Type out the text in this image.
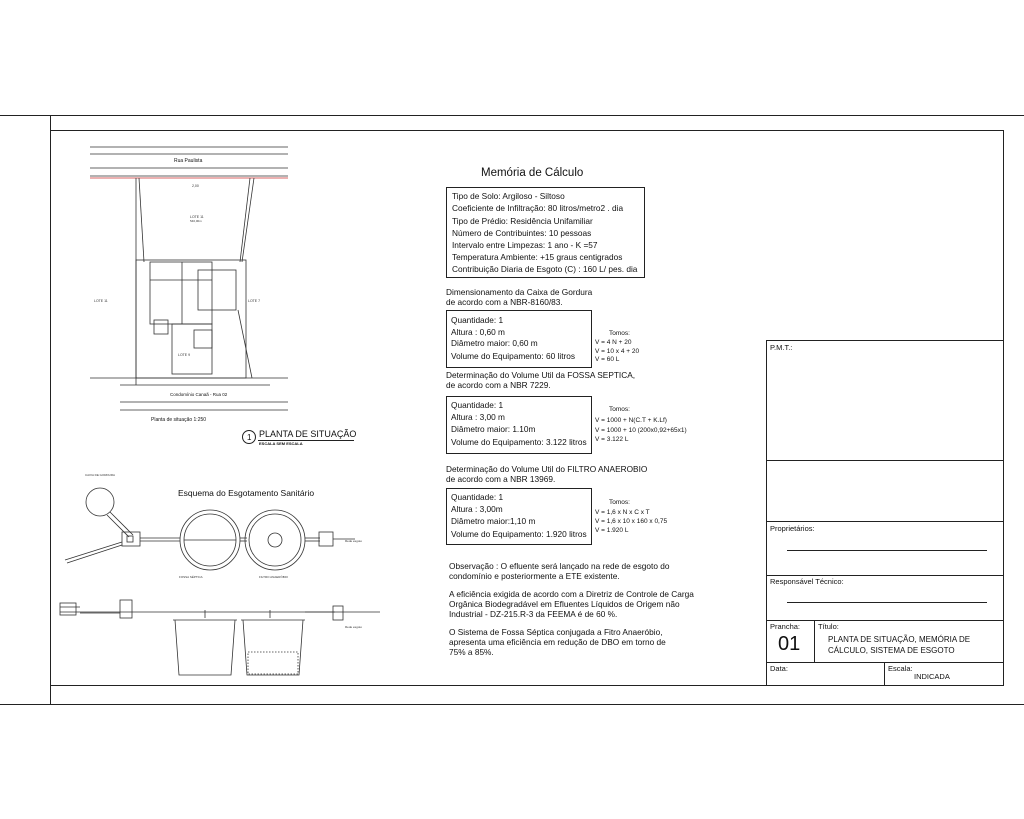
2,00
LOTE 11
540,00m
LOTE 11	LOTE 7
LOTE 9
Rua Paulista
Condomínio Canaã - Rua 02
Planta de situação 1:250
1 PLANTA DE SITUAÇÃO
ESCALA SEM ESCALA
Esquema do Esgotamento Sanitário
CAIXA DE GORDURA
FOSSA SÉPTICA	FILTRO ANAERÓBIO
Rede esgoto
Rede esgoto
Memória de Cálculo
Tipo de Solo: Argiloso - Siltoso
Coeficiente de Infiltração: 80 litros/metro2 . dia
Tipo de Prédio: Residência Unifamiliar
Número de Contribuintes: 10 pessoas
Intervalo entre Limpezas: 1 ano - K =57
Temperatura Ambiente: +15 graus centigrados
Contribuição Diaria de Esgoto (C) : 160 L/ pes. dia
Dimensionamento da Caixa de Gordura
de acordo com a NBR-8160/83.
Quantidade: 1
Altura : 0,60 m
Diâmetro maior: 0,60 m
Volume do Equipamento: 60 litros
Tomos:
V = 4 N + 20
V = 10 x 4 + 20
V = 60 L
Determinação do Volume Util da FOSSA SEPTICA,
de acordo com a NBR 7229.
Quantidade: 1
Altura : 3,00 m
Diâmetro maior: 1.10m
Volume do Equipamento: 3.122 litros
Tomos:
V = 1000 + N(C.T + K.Lf)
V = 1000 + 10 (200x0,92+65x1)
V = 3.122 L
Determinação do Volume Util do FILTRO ANAEROBIO
de acordo com a NBR 13969.
Quantidade: 1
Altura : 3,00m
Diâmetro maior:1,10 m
Volume do Equipamento: 1.920 litros
Tomos:
V = 1,6 x N x C x T
V = 1,6 x 10 x 160 x 0,75
V = 1.920 L
Observação : O efluente será lançado na rede de esgoto do
condomínio e posteriormente a ETE existente.
A eficiência exigida de acordo com a Diretriz de Controle de Carga
Orgânica Biodegradável em Efluentes Líquidos de Origem não
Industrial - DZ-215.R-3 da FEEMA é de 60 %.
O Sistema de Fossa Séptica conjugada a Fitro Anaeróbio,
apresenta uma eficiência em redução de DBO em torno de
75% a 85%.
P.M.T.:
Proprietários:
Responsável Técnico:
Prancha:
01
Título:
PLANTA DE SITUAÇÃO, MEMÓRIA DE
CÁLCULO, SISTEMA DE ESGOTO
Data:	Escala:
INDICADA
